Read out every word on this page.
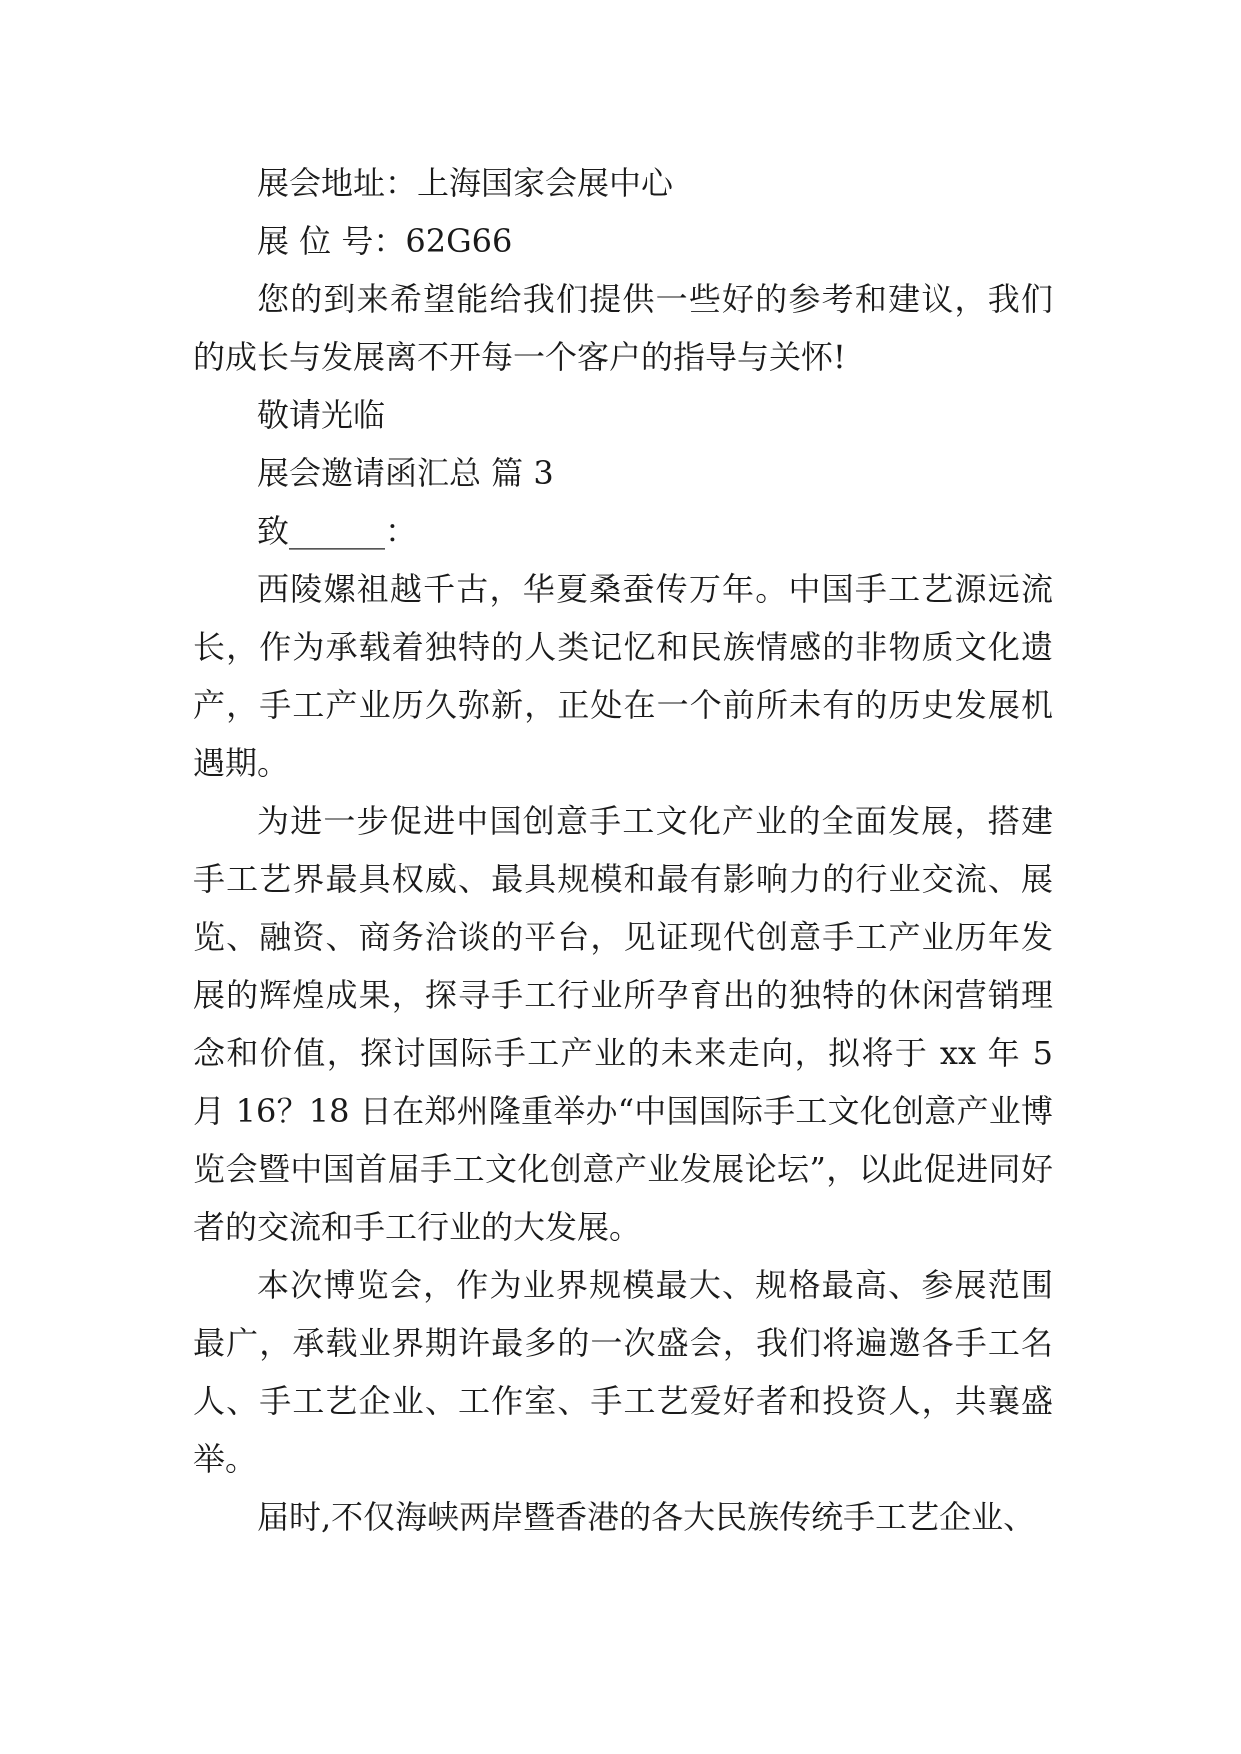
展会地址：上海国家会展中心

展 位 号：62G66

您的到来希望能给我们提供一些好的参考和建议，我们的成长与发展离不开每一个客户的指导与关怀!

敬请光临

展会邀请函汇总 篇 3

致______：

西陵嫘祖越千古，华夏桑蚕传万年。中国手工艺源远流长，作为承载着独特的人类记忆和民族情感的非物质文化遗产，手工产业历久弥新，正处在一个前所未有的历史发展机遇期。

为进一步促进中国创意手工文化产业的全面发展，搭建手工艺界最具权威、最具规模和最有影响力的行业交流、展览、融资、商务洽谈的平台，见证现代创意手工产业历年发展的辉煌成果，探寻手工行业所孕育出的独特的休闲营销理念和价值，探讨国际手工产业的未来走向，拟将于 xx 年 5 月 16？18 日在郑州隆重举办“中国国际手工文化创意产业博览会暨中国首届手工文化创意产业发展论坛”，以此促进同好者的交流和手工行业的大发展。

本次博览会，作为业界规模最大、规格最高、参展范围最广，承载业界期许最多的一次盛会，我们将遍邀各手工名人、手工艺企业、工作室、手工艺爱好者和投资人，共襄盛举。

届时,不仅海峡两岸暨香港的各大民族传统手工艺企业、
